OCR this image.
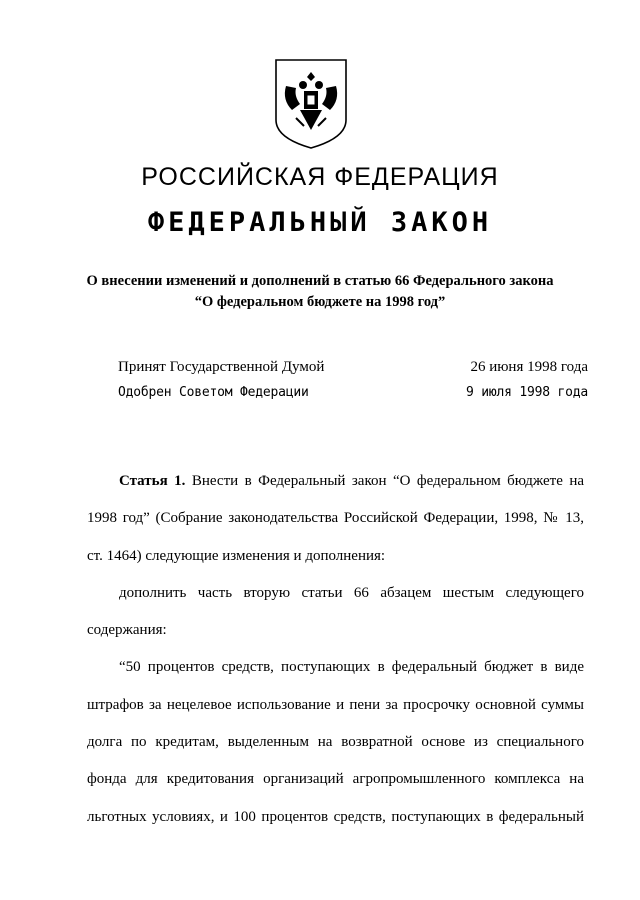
РОССИЙСКАЯ ФЕДЕРАЦИЯ
ФЕДЕРАЛЬНЫЙ ЗАКОН
О внесении изменений и дополнений в статью 66 Федерального закона
“О федеральном бюджете на 1998 год”
Принят Государственной Думой	26 июня 1998 года
Одобрен Советом Федерации	9 июля 1998 года

Статья 1. Внести в Федеральный закон “О федеральном бюджете на 1998 год” (Собрание законодательства Российской Федерации, 1998, № 13, ст. 1464) следующие изменения и дополнения:

дополнить часть вторую статьи 66 абзацем шестым следующего содержания:

“50 процентов средств, поступающих в федеральный бюджет в виде штрафов за нецелевое использование и пени за просрочку основной суммы долга по кредитам, выделенным на возвратной основе из специального фонда для кредитования организаций агропромышленного комплекса на льготных условиях, и 100 процентов средств, поступающих в федеральный
